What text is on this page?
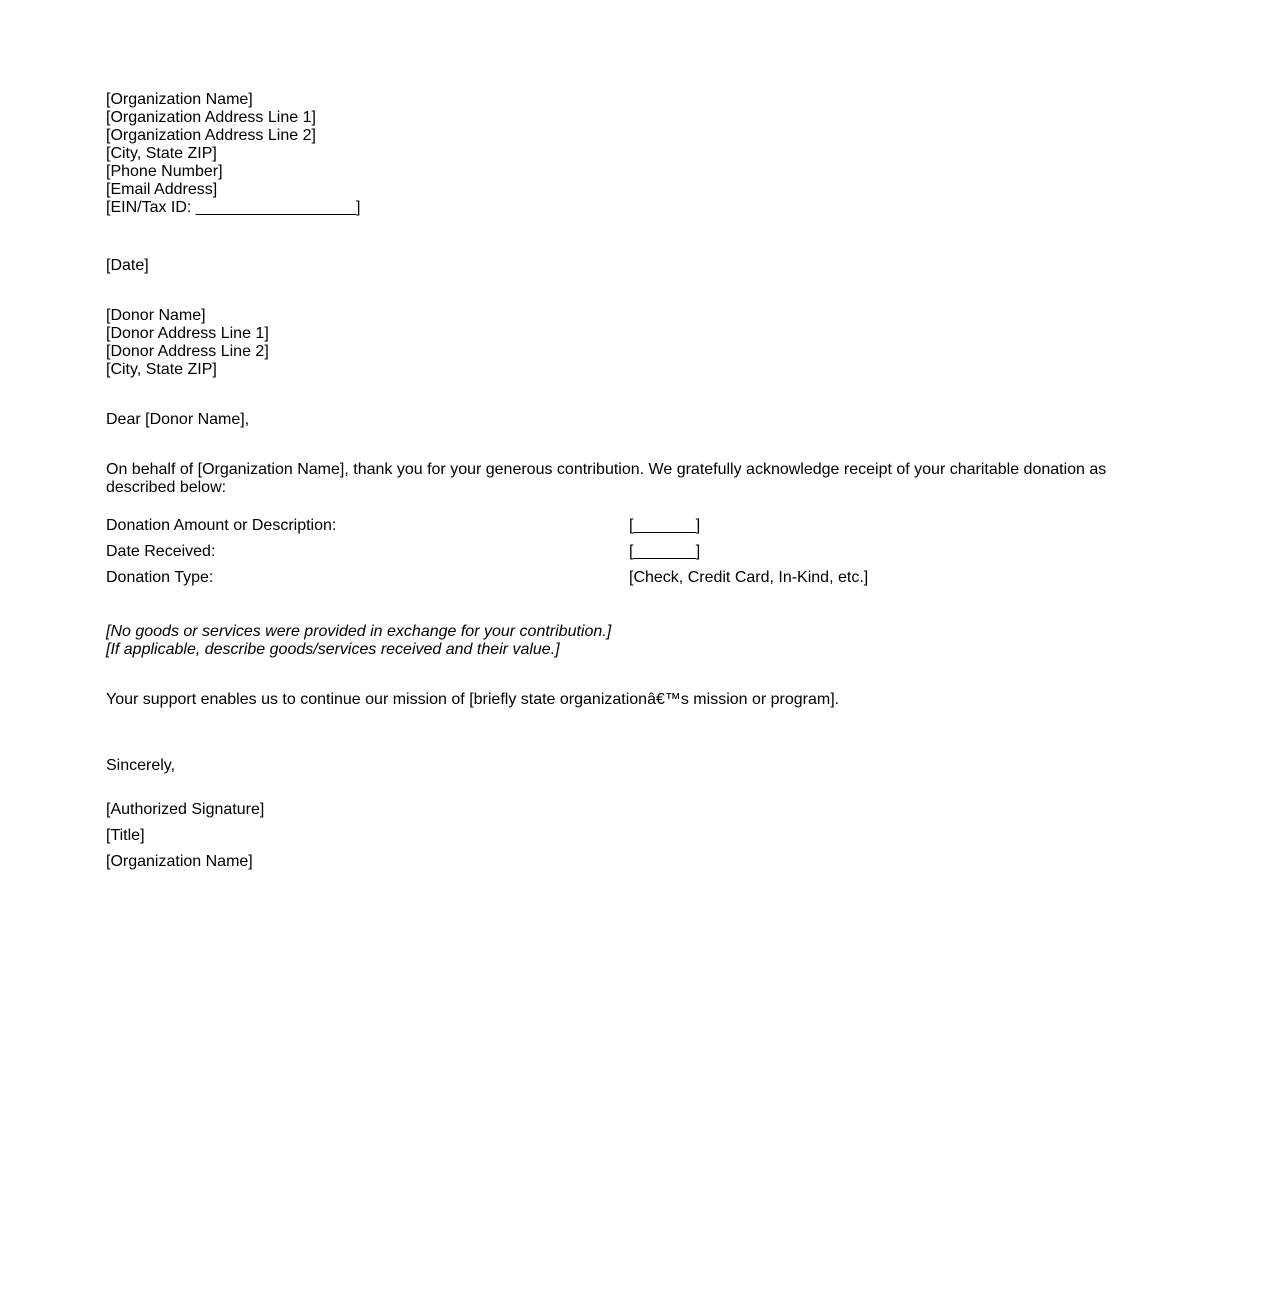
[Organization Name]
[Organization Address Line 1]
[Organization Address Line 2]
[City, State ZIP]
[Phone Number]
[Email Address]
[EIN/Tax ID: __________________]
[Date]
[Donor Name]
[Donor Address Line 1]
[Donor Address Line 2]
[City, State ZIP]
Dear [Donor Name],
On behalf of [Organization Name], thank you for your generous contribution. We gratefully acknowledge receipt of your charitable donation as described below:
Donation Amount or Description:	[_______]
Date Received:	[_______]
Donation Type:	[Check, Credit Card, In-Kind, etc.]
[No goods or services were provided in exchange for your contribution.]
[If applicable, describe goods/services received and their value.]
Your support enables us to continue our mission of [briefly state organizationâ€™s mission or program].
Sincerely,
[Authorized Signature]
[Title]
[Organization Name]
